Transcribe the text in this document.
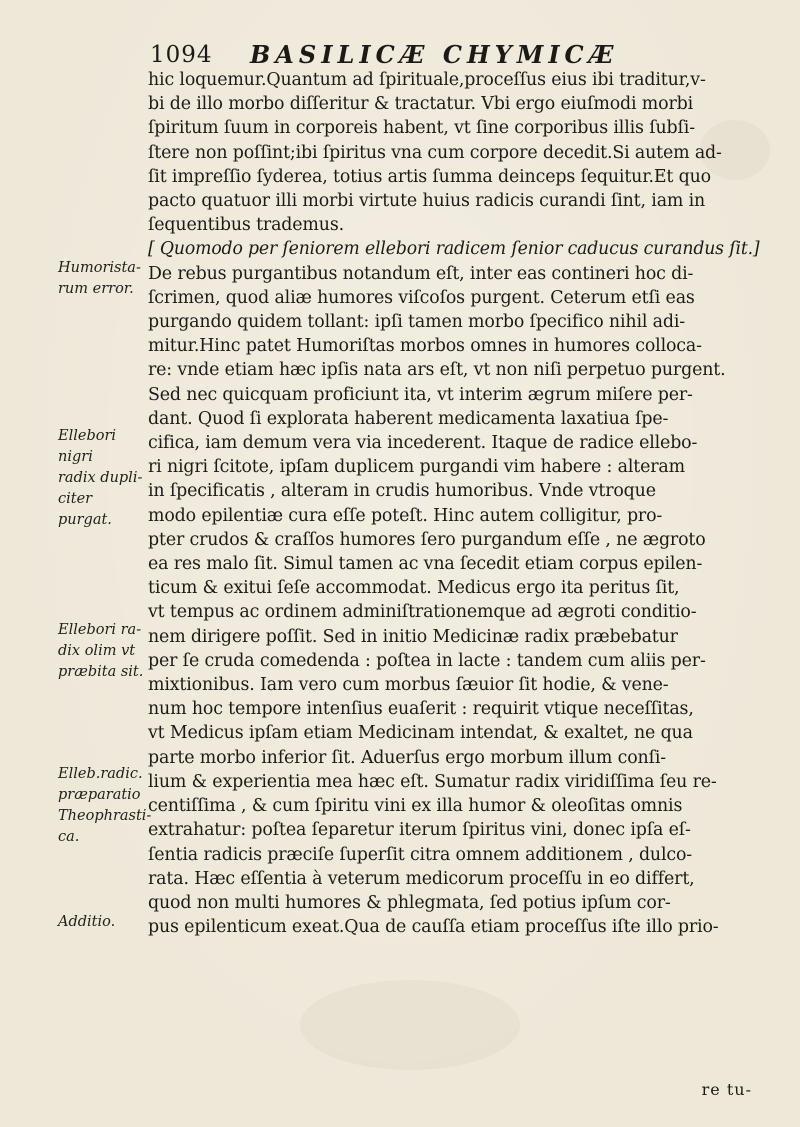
1094 BASILICÆ CHYMICÆ
Humorista-
rum error.
Ellebori nigri
radix dupli-
citer purgat.
Ellebori ra-
dix olim vt
præbita sit.
Elleb.radic.
præparatio
Theophrasti-
ca.
Additio.
hic loquemur.Quantum ad ſpirituale,proceſſus eius ibi traditur,v-
bi de illo morbo diſſeritur & tractatur. Vbi ergo eiuſmodi morbi
ſpiritum ſuum in corporeis habent, vt ſine corporibus illis ſubſi-
ſtere non poſſint;ibi ſpiritus vna cum corpore decedit.Si autem ad-
ſit impreſſio ſyderea, totius artis ſumma deinceps ſequitur.Et quo
pacto quatuor illi morbi virtute huius radicis curandi ſint, iam in
ſequentibus trademus.
[ Quomodo per ſeniorem ellebori radicem ſenior caducus curandus ſit.]
De rebus purgantibus notandum eſt, inter eas contineri hoc di-
ſcrimen, quod aliæ humores viſcoſos purgent. Ceterum etſi eas
purgando quidem tollant: ipſi tamen morbo ſpecifico nihil adi-
mitur.Hinc patet Humoriſtas morbos omnes in humores colloca-
re: vnde etiam hæc ipſis nata ars eſt, vt non niſi perpetuo purgent.
Sed nec quicquam proficiunt ita, vt interim ægrum miſere per-
dant. Quod ſi explorata haberent medicamenta laxatiua ſpe-
cifica, iam demum vera via incederent. Itaque de radice ellebo-
ri nigri ſcitote, ipſam duplicem purgandi vim habere : alteram
in ſpecificatis , alteram in crudis humoribus. Vnde vtroque
modo epilentiæ cura eſſe poteſt. Hinc autem colligitur, pro-
pter crudos & craſſos humores ſero purgandum eſſe , ne ægroto
ea res malo ſit. Simul tamen ac vna ſecedit etiam corpus epilen-
ticum & exitui ſeſe accommodat. Medicus ergo ita peritus ſit,
vt tempus ac ordinem adminiſtrationemque ad ægroti conditio-
nem dirigere poſſit. Sed in initio Medicinæ radix præbebatur
per ſe cruda comedenda : poſtea in lacte : tandem cum aliis per-
mixtionibus. Iam vero cum morbus ſæuior ſit hodie, & vene-
num hoc tempore intenſius euaſerit : requirit vtique neceſſitas,
vt Medicus ipſam etiam Medicinam intendat, & exaltet, ne qua
parte morbo inferior ſit. Aduerſus ergo morbum illum conſi-
lium & experientia mea hæc eſt. Sumatur radix viridiſſima ſeu re-
centiſſima , & cum ſpiritu vini ex illa humor & oleoſitas omnis
extrahatur: poſtea ſeparetur iterum ſpiritus vini, donec ipſa eſ-
ſentia radicis præciſe ſuperſit citra omnem additionem , dulco-
rata. Hæc eſſentia à veterum medicorum proceſſu in eo differt,
quod non multi humores & phlegmata, ſed potius ipſum cor-
pus epilenticum exeat.Qua de cauſſa etiam proceſſus iſte illo prio-
re tu-
